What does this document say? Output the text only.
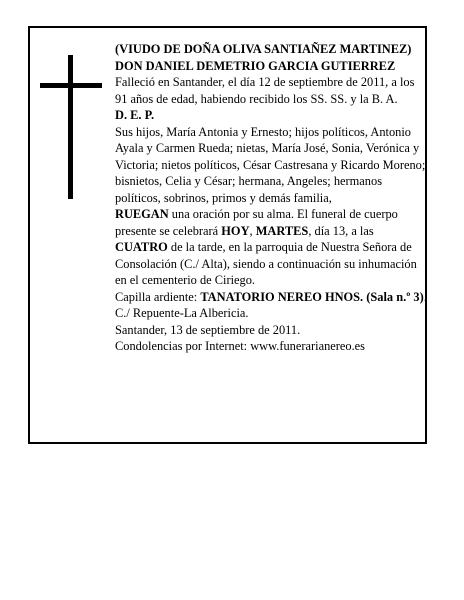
(VIUDO DE DOÑA OLIVA SANTIAÑEZ MARTINEZ)

DON DANIEL DEMETRIO GARCIA GUTIERREZ

Falleció en Santander, el día 12 de septiembre de 2011, a los 91 años de edad, habiendo recibido los SS. SS. y la B. A.

D. E. P.

Sus hijos, María Antonia y Ernesto; hijos políticos, Antonio Ayala y Carmen Rueda; nietas, María José, Sonia, Verónica y Victoria; nietos políticos, César Castresana y Ricardo Moreno; bisnietos, Celia y César; hermana, Angeles; hermanos políticos, sobrinos, primos y demás familia,

RUEGAN una oración por su alma. El funeral de cuerpo presente se celebrará HOY, MARTES, día 13, a las CUATRO de la tarde, en la parroquia de Nuestra Señora de Consolación (C./ Alta), siendo a continuación su inhumación en el cementerio de Ciriego.

Capilla ardiente: TANATORIO NEREO HNOS. (Sala n.º 3). C./ Repuente-La Albericia.

Santander, 13 de septiembre de 2011.

Condolencias por Internet: www.funerarianereo.es
